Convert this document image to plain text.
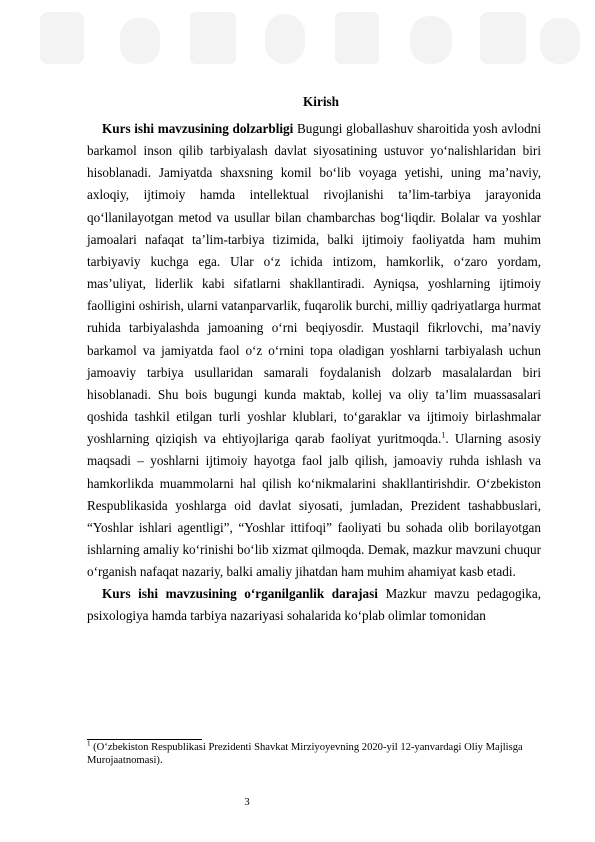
Kirish

Kurs ishi mavzusining dolzarbligi Bugungi globallashuv sharoitida yosh avlodni barkamol inson qilib tarbiyalash davlat siyosatining ustuvor yo‘nalishlaridan biri hisoblanadi. Jamiyatda shaxsning komil bo‘lib voyaga yetishi, uning ma’naviy, axloqiy, ijtimoiy hamda intellektual rivojlanishi ta’lim-tarbiya jarayonida qo‘llanilayotgan metod va usullar bilan chambarchas bog‘liqdir. Bolalar va yoshlar jamoalari nafaqat ta’lim-tarbiya tizimida, balki ijtimoiy faoliyatda ham muhim tarbiyaviy kuchga ega. Ular o‘z ichida intizom, hamkorlik, o‘zaro yordam, mas’uliyat, liderlik kabi sifatlarni shakllantiradi. Ayniqsa, yoshlarning ijtimoiy faolligini oshirish, ularni vatanparvarlik, fuqarolik burchi, milliy qadriyatlarga hurmat ruhida tarbiyalashda jamoaning o‘rni beqiyosdir. Mustaqil fikrlovchi, ma’naviy barkamol va jamiyatda faol o‘z o‘rnini topa oladigan yoshlarni tarbiyalash uchun jamoaviy tarbiya usullaridan samarali foydalanish dolzarb masalalardan biri hisoblanadi. Shu bois bugungi kunda maktab, kollej va oliy ta’lim muassasalari qoshida tashkil etilgan turli yoshlar klublari, to‘garaklar va ijtimoiy birlashmalar yoshlarning qiziqish va ehtiyojlariga qarab faoliyat yuritmoqda.$^1$. Ularning asosiy maqsadi – yoshlarni ijtimoiy hayotga faol jalb qilish, jamoaviy ruhda ishlash va hamkorlikda muammolarni hal qilish ko‘nikmalarini shakllantirishdir. O‘zbekiston Respublikasida yoshlarga oid davlat siyosati, jumladan, Prezident tashabbuslari, “Yoshlar ishlari agentligi”, “Yoshlar ittifoqi” faoliyati bu sohada olib borilayotgan ishlarning amaliy ko‘rinishi bo‘lib xizmat qilmoqda. Demak, mazkur mavzuni chuqur o‘rganish nafaqat nazariy, balki amaliy jihatdan ham muhim ahamiyat kasb etadi.

Kurs ishi mavzusining o‘rganilganlik darajasi Mazkur mavzu pedagogika, psixologiya hamda tarbiya nazariyasi sohalarida ko‘plab olimlar tomonidan

$^1$ (O‘zbekiston Respublikasi Prezidenti Shavkat Mirziyoyevning 2020-yil 12-yanvardagi Oliy Majlisga Murojaatnomasi).
3
